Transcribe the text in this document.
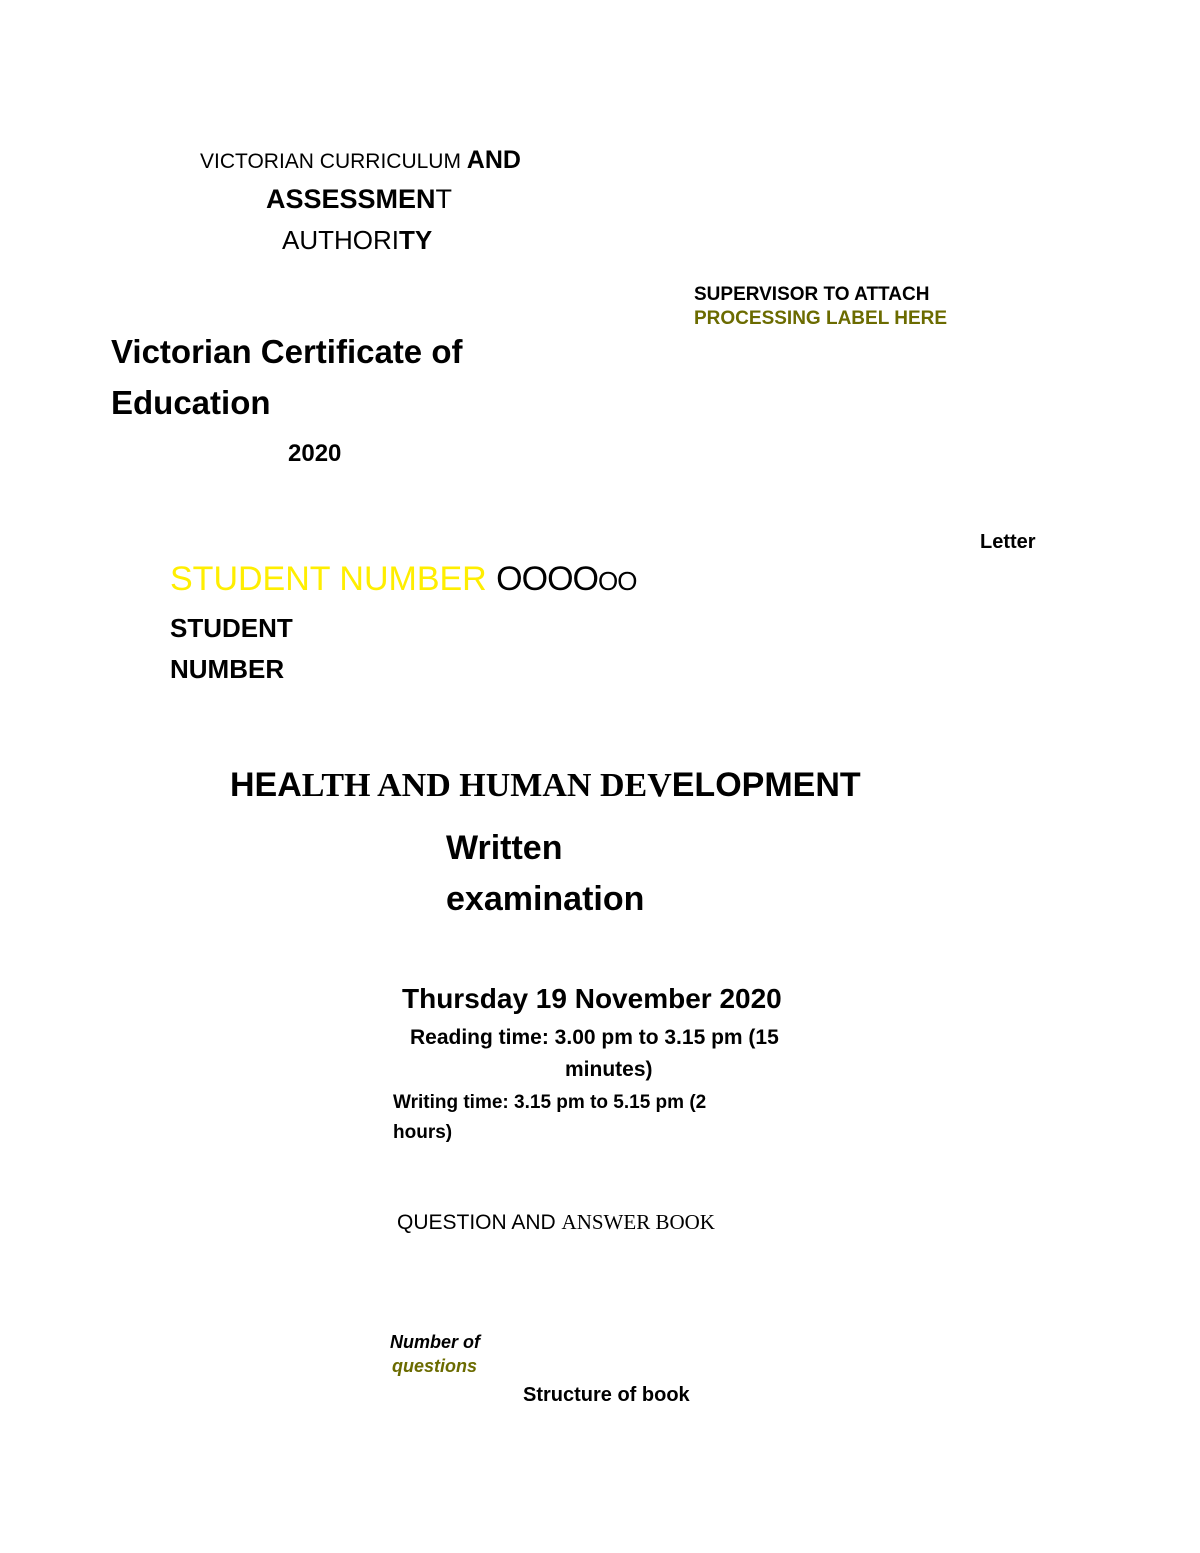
VICTORIAN CURRICULUM AND
ASSESSMENT
AUTHORITY
SUPERVISOR TO ATTACH
PROCESSING LABEL HERE
Victorian Certificate of
Education
2020
Letter
STUDENT NUMBER OOOOOO
STUDENT
NUMBER
HEALTH AND HUMAN DEVELOPMENT
Written
examination
Thursday 19 November 2020
Reading time: 3.00 pm to 3.15 pm (15
minutes)
Writing time: 3.15 pm to 5.15 pm (2
hours)
QUESTION AND ANSWER BOOK
Number of
questions
Structure of book
